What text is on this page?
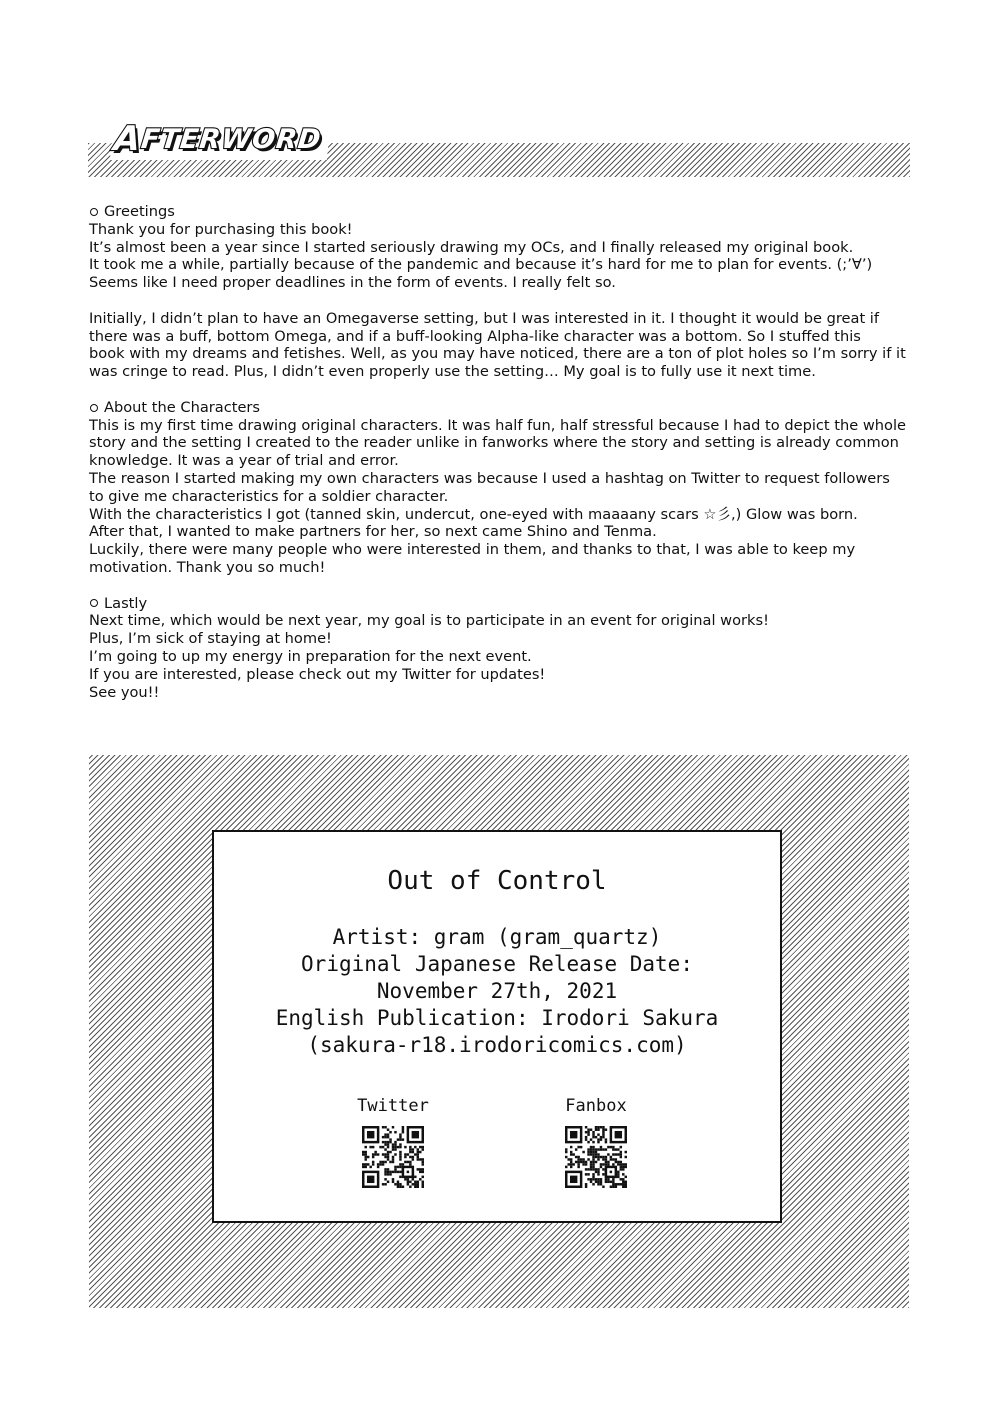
A
FTERWORD
Greetings
Thank you for purchasing this book!
It’s almost been a year since I started seriously drawing my OCs, and I finally released my original book.
It took me a while, partially because of the pandemic and because it’s hard for me to plan for events. (;’∀’)
Seems like I need proper deadlines in the form of events. I really felt so.
Initially, I didn’t plan to have an Omegaverse setting, but I was interested in it. I thought it would be great if
there was a buff, bottom Omega, and if a buff-looking Alpha-like character was a bottom. So I stuffed this
book with my dreams and fetishes. Well, as you may have noticed, there are a ton of plot holes so I’m sorry if it
was cringe to read. Plus, I didn’t even properly use the setting… My goal is to fully use it next time.
About the Characters
This is my first time drawing original characters. It was half fun, half stressful because I had to depict the whole
story and the setting I created to the reader unlike in fanworks where the story and setting is already common
knowledge. It was a year of trial and error.
The reason I started making my own characters was because I used a hashtag on Twitter to request followers
to give me characteristics for a soldier character.
With the characteristics I got (tanned skin, undercut, one-eyed with maaaany scars ☆彡,) Glow was born.
After that, I wanted to make partners for her, so next came Shino and Tenma.
Luckily, there were many people who were interested in them, and thanks to that, I was able to keep my
motivation. Thank you so much!
Lastly
Next time, which would be next year, my goal is to participate in an event for original works!
Plus, I’m sick of staying at home!
I’m going to up my energy in preparation for the next event.
If you are interested, please check out my Twitter for updates!
See you!!
Out of Control
Artist: gram (gram_quartz)
Original Japanese Release Date:
November 27th, 2021
English Publication: Irodori Sakura
(sakura-r18.irodoricomics.com)
Twitter	Fanbox
